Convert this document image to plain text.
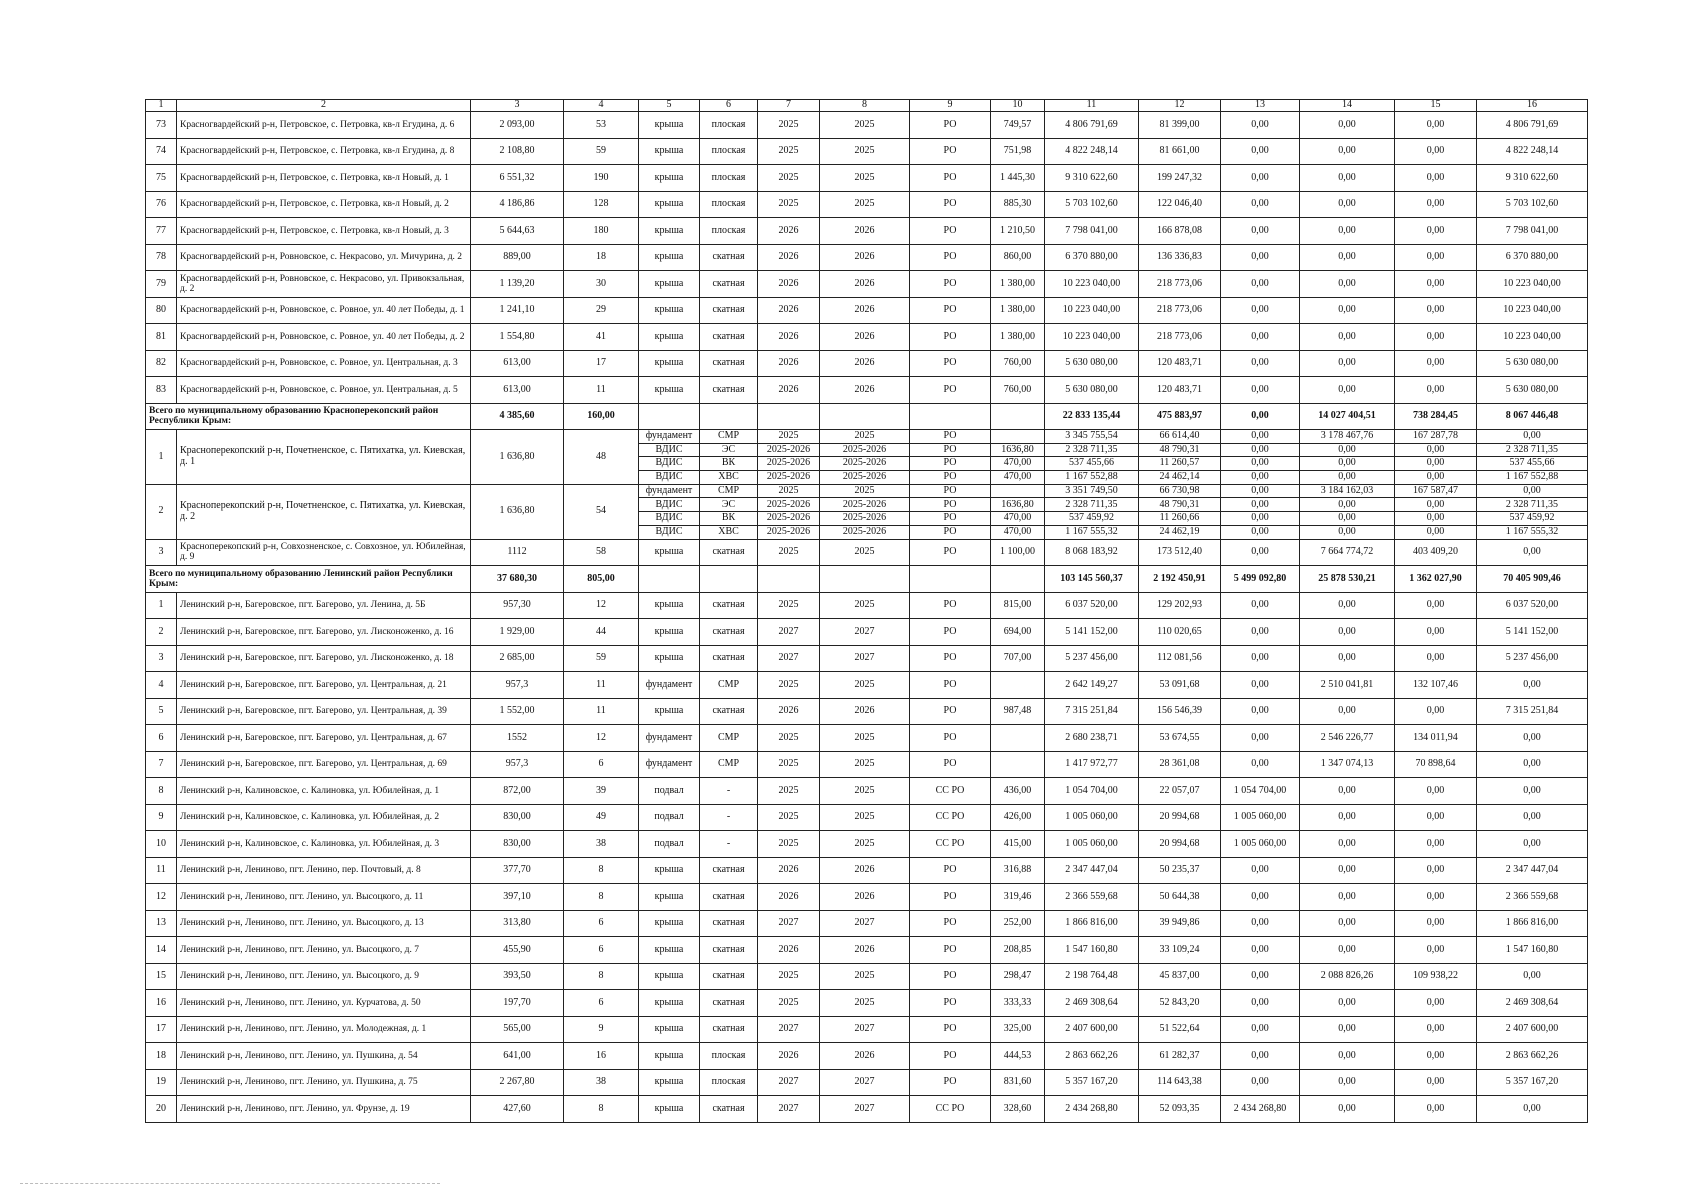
1	2	3	4	5	6	7	8	9	10	11	12	13	14	15	16
73	Красногвардейский р-н, Петровское, с. Петровка, кв-л Егудина, д. 6	2 093,00	53	крыша	плоская	2025	2025	РО	749,57	4 806 791,69	81 399,00	0,00	0,00	0,00	4 806 791,69
74	Красногвардейский р-н, Петровское, с. Петровка, кв-л Егудина, д. 8	2 108,80	59	крыша	плоская	2025	2025	РО	751,98	4 822 248,14	81 661,00	0,00	0,00	0,00	4 822 248,14
75	Красногвардейский р-н, Петровское, с. Петровка, кв-л Новый, д. 1	6 551,32	190	крыша	плоская	2025	2025	РО	1 445,30	9 310 622,60	199 247,32	0,00	0,00	0,00	9 310 622,60
76	Красногвардейский р-н, Петровское, с. Петровка, кв-л Новый, д. 2	4 186,86	128	крыша	плоская	2025	2025	РО	885,30	5 703 102,60	122 046,40	0,00	0,00	0,00	5 703 102,60
77	Красногвардейский р-н, Петровское, с. Петровка, кв-л Новый, д. 3	5 644,63	180	крыша	плоская	2026	2026	РО	1 210,50	7 798 041,00	166 878,08	0,00	0,00	0,00	7 798 041,00
78	Красногвардейский р-н, Ровновское, с. Некрасово, ул. Мичурина, д. 2	889,00	18	крыша	скатная	2026	2026	РО	860,00	6 370 880,00	136 336,83	0,00	0,00	0,00	6 370 880,00
79	Красногвардейский р-н, Ровновское, с. Некрасово, ул. Привокзальная, д. 2	1 139,20	30	крыша	скатная	2026	2026	РО	1 380,00	10 223 040,00	218 773,06	0,00	0,00	0,00	10 223 040,00
80	Красногвардейский р-н, Ровновское, с. Ровное, ул. 40 лет Победы, д. 1	1 241,10	29	крыша	скатная	2026	2026	РО	1 380,00	10 223 040,00	218 773,06	0,00	0,00	0,00	10 223 040,00
81	Красногвардейский р-н, Ровновское, с. Ровное, ул. 40 лет Победы, д. 2	1 554,80	41	крыша	скатная	2026	2026	РО	1 380,00	10 223 040,00	218 773,06	0,00	0,00	0,00	10 223 040,00
82	Красногвардейский р-н, Ровновское, с. Ровное, ул. Центральная, д. 3	613,00	17	крыша	скатная	2026	2026	РО	760,00	5 630 080,00	120 483,71	0,00	0,00	0,00	5 630 080,00
83	Красногвардейский р-н, Ровновское, с. Ровное, ул. Центральная, д. 5	613,00	11	крыша	скатная	2026	2026	РО	760,00	5 630 080,00	120 483,71	0,00	0,00	0,00	5 630 080,00
Всего по муниципальному образованию Красноперекопский район Республики Крым:		4 385,60	160,00							22 833 135,44	475 883,97	0,00	14 027 404,51	738 284,45	8 067 446,48
1	Красноперекопский р-н, Почетненское, с. Пятихатка, ул. Киевская, д. 1	1 636,80	48	фундамент	СМР	2025	2025	РО		3 345 755,54	66 614,40	0,00	3 178 467,76	167 287,78	0,00
				ВДИС	ЭС	2025-2026	2025-2026	РО	1636,80	2 328 711,35	48 790,31	0,00	0,00	0,00	2 328 711,35
				ВДИС	ВК	2025-2026	2025-2026	РО	470,00	537 455,66	11 260,57	0,00	0,00	0,00	537 455,66
				ВДИС	ХВС	2025-2026	2025-2026	РО	470,00	1 167 552,88	24 462,14	0,00	0,00	0,00	1 167 552,88
2	Красноперекопский р-н, Почетненское, с. Пятихатка, ул. Киевская, д. 2	1 636,80	54	фундамент	СМР	2025	2025	РО		3 351 749,50	66 730,98	0,00	3 184 162,03	167 587,47	0,00
				ВДИС	ЭС	2025-2026	2025-2026	РО	1636,80	2 328 711,35	48 790,31	0,00	0,00	0,00	2 328 711,35
				ВДИС	ВК	2025-2026	2025-2026	РО	470,00	537 459,92	11 260,66	0,00	0,00	0,00	537 459,92
				ВДИС	ХВС	2025-2026	2025-2026	РО	470,00	1 167 555,32	24 462,19	0,00	0,00	0,00	1 167 555,32
3	Красноперекопский р-н, Совхозненское, с. Совхозное, ул. Юбилейная, д. 9	1112	58	крыша	скатная	2025	2025	РО	1 100,00	8 068 183,92	173 512,40	0,00	7 664 774,72	403 409,20	0,00
Всего по муниципальному образованию Ленинский район Республики Крым:		37 680,30	805,00							103 145 560,37	2 192 450,91	5 499 092,80	25 878 530,21	1 362 027,90	70 405 909,46
1	Ленинский р-н, Багеровское, пгт. Багерово, ул. Ленина, д. 5Б	957,30	12	крыша	скатная	2025	2025	РО	815,00	6 037 520,00	129 202,93	0,00	0,00	0,00	6 037 520,00
2	Ленинский р-н, Багеровское, пгт. Багерово, ул. Лисконоженко, д. 16	1 929,00	44	крыша	скатная	2027	2027	РО	694,00	5 141 152,00	110 020,65	0,00	0,00	0,00	5 141 152,00
3	Ленинский р-н, Багеровское, пгт. Багерово, ул. Лисконоженко, д. 18	2 685,00	59	крыша	скатная	2027	2027	РО	707,00	5 237 456,00	112 081,56	0,00	0,00	0,00	5 237 456,00
4	Ленинский р-н, Багеровское, пгт. Багерово, ул. Центральная, д. 21	957,3	11	фундамент	СМР	2025	2025	РО		2 642 149,27	53 091,68	0,00	2 510 041,81	132 107,46	0,00
5	Ленинский р-н, Багеровское, пгт. Багерово, ул. Центральная, д. 39	1 552,00	11	крыша	скатная	2026	2026	РО	987,48	7 315 251,84	156 546,39	0,00	0,00	0,00	7 315 251,84
6	Ленинский р-н, Багеровское, пгт. Багерово, ул. Центральная, д. 67	1552	12	фундамент	СМР	2025	2025	РО		2 680 238,71	53 674,55	0,00	2 546 226,77	134 011,94	0,00
7	Ленинский р-н, Багеровское, пгт. Багерово, ул. Центральная, д. 69	957,3	6	фундамент	СМР	2025	2025	РО		1 417 972,77	28 361,08	0,00	1 347 074,13	70 898,64	0,00
8	Ленинский р-н, Калиновское, с. Калиновка, ул. Юбилейная, д. 1	872,00	39	подвал	-	2025	2025	СС РО	436,00	1 054 704,00	22 057,07	1 054 704,00	0,00	0,00	0,00
9	Ленинский р-н, Калиновское, с. Калиновка, ул. Юбилейная, д. 2	830,00	49	подвал	-	2025	2025	СС РО	426,00	1 005 060,00	20 994,68	1 005 060,00	0,00	0,00	0,00
10	Ленинский р-н, Калиновское, с. Калиновка, ул. Юбилейная, д. 3	830,00	38	подвал	-	2025	2025	СС РО	415,00	1 005 060,00	20 994,68	1 005 060,00	0,00	0,00	0,00
11	Ленинский р-н, Лениново, пгт. Ленино, пер. Почтовый, д. 8	377,70	8	крыша	скатная	2026	2026	РО	316,88	2 347 447,04	50 235,37	0,00	0,00	0,00	2 347 447,04
12	Ленинский р-н, Лениново, пгт. Ленино, ул. Высоцкого, д. 11	397,10	8	крыша	скатная	2026	2026	РО	319,46	2 366 559,68	50 644,38	0,00	0,00	0,00	2 366 559,68
13	Ленинский р-н, Лениново, пгт. Ленино, ул. Высоцкого, д. 13	313,80	6	крыша	скатная	2027	2027	РО	252,00	1 866 816,00	39 949,86	0,00	0,00	0,00	1 866 816,00
14	Ленинский р-н, Лениново, пгт. Ленино, ул. Высоцкого, д. 7	455,90	6	крыша	скатная	2026	2026	РО	208,85	1 547 160,80	33 109,24	0,00	0,00	0,00	1 547 160,80
15	Ленинский р-н, Лениново, пгт. Ленино, ул. Высоцкого, д. 9	393,50	8	крыша	скатная	2025	2025	РО	298,47	2 198 764,48	45 837,00	0,00	2 088 826,26	109 938,22	0,00
16	Ленинский р-н, Лениново, пгт. Ленино, ул. Курчатова, д. 50	197,70	6	крыша	скатная	2025	2025	РО	333,33	2 469 308,64	52 843,20	0,00	0,00	0,00	2 469 308,64
17	Ленинский р-н, Лениново, пгт. Ленино, ул. Молодежная, д. 1	565,00	9	крыша	скатная	2027	2027	РО	325,00	2 407 600,00	51 522,64	0,00	0,00	0,00	2 407 600,00
18	Ленинский р-н, Лениново, пгт. Ленино, ул. Пушкина, д. 54	641,00	16	крыша	плоская	2026	2026	РО	444,53	2 863 662,26	61 282,37	0,00	0,00	0,00	2 863 662,26
19	Ленинский р-н, Лениново, пгт. Ленино, ул. Пушкина, д. 75	2 267,80	38	крыша	плоская	2027	2027	РО	831,60	5 357 167,20	114 643,38	0,00	0,00	0,00	5 357 167,20
20	Ленинский р-н, Лениново, пгт. Ленино, ул. Фрунзе, д. 19	427,60	8	крыша	скатная	2027	2027	СС РО	328,60	2 434 268,80	52 093,35	2 434 268,80	0,00	0,00	0,00
